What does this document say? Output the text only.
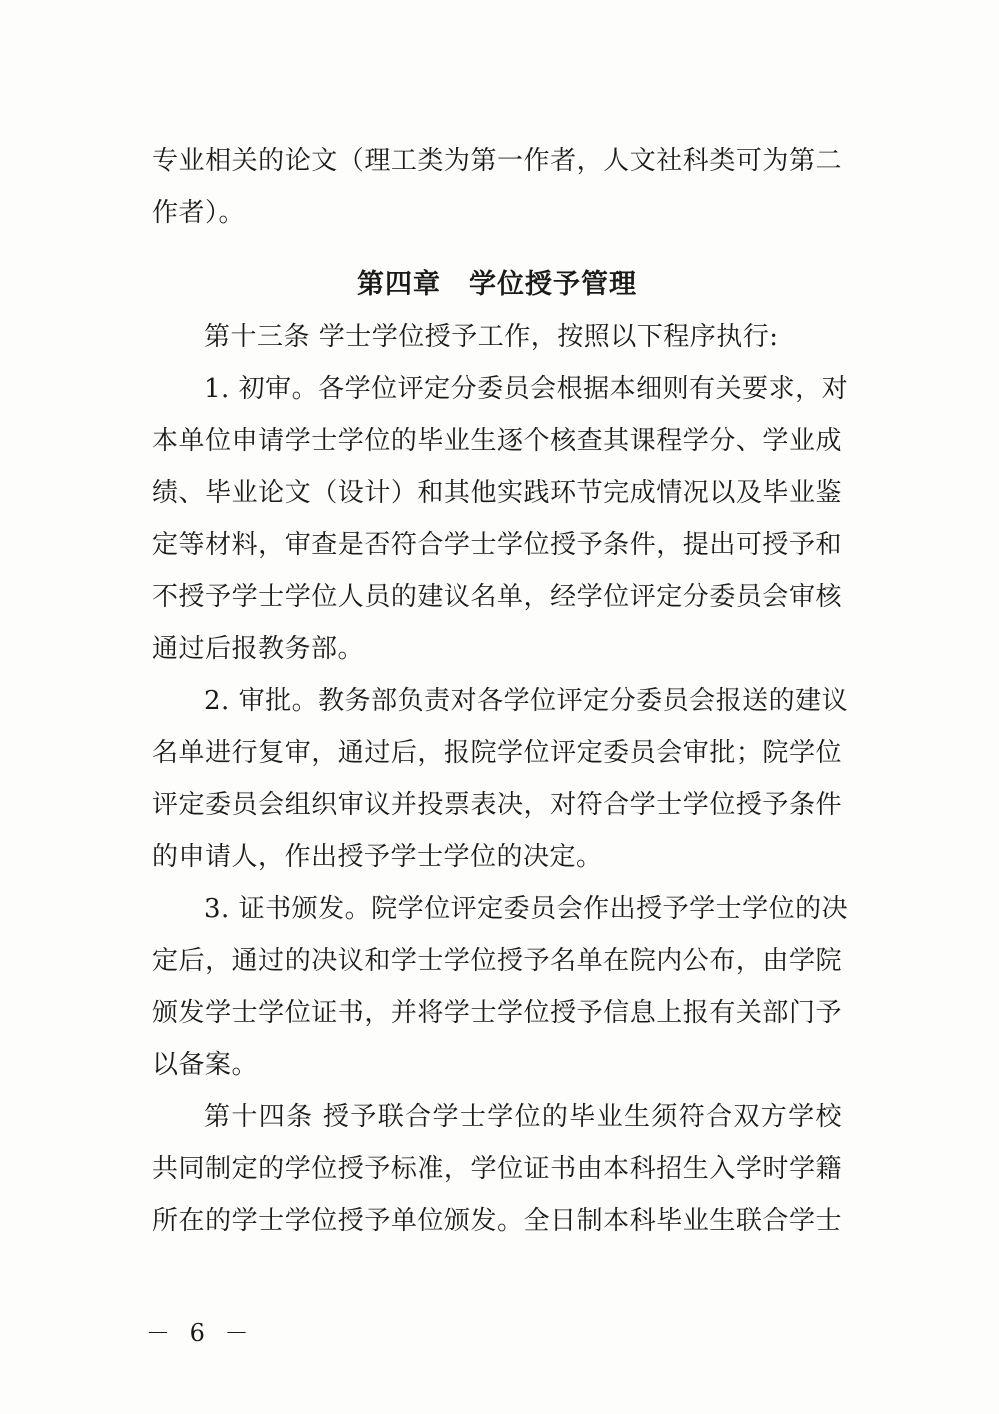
专业相关的论文（理工类为第一作者，人文社科类可为第二
作者）。
第四章　学位授予管理
第十三条 学士学位授予工作，按照以下程序执行:
1. 初审。各学位评定分委员会根据本细则有关要求，对
本单位申请学士学位的毕业生逐个核查其课程学分、学业成
绩、毕业论文（设计）和其他实践环节完成情况以及毕业鉴
定等材料，审查是否符合学士学位授予条件，提出可授予和
不授予学士学位人员的建议名单，经学位评定分委员会审核
通过后报教务部。
2. 审批。教务部负责对各学位评定分委员会报送的建议
名单进行复审，通过后，报院学位评定委员会审批；院学位
评定委员会组织审议并投票表决，对符合学士学位授予条件
的申请人，作出授予学士学位的决定。
3. 证书颁发。院学位评定委员会作出授予学士学位的决
定后，通过的决议和学士学位授予名单在院内公布，由学院
颁发学士学位证书，并将学士学位授予信息上报有关部门予
以备案。
第十四条 授予联合学士学位的毕业生须符合双方学校
共同制定的学位授予标准，学位证书由本科招生入学时学籍
所在的学士学位授予单位颁发。全日制本科毕业生联合学士
－ 6 －
